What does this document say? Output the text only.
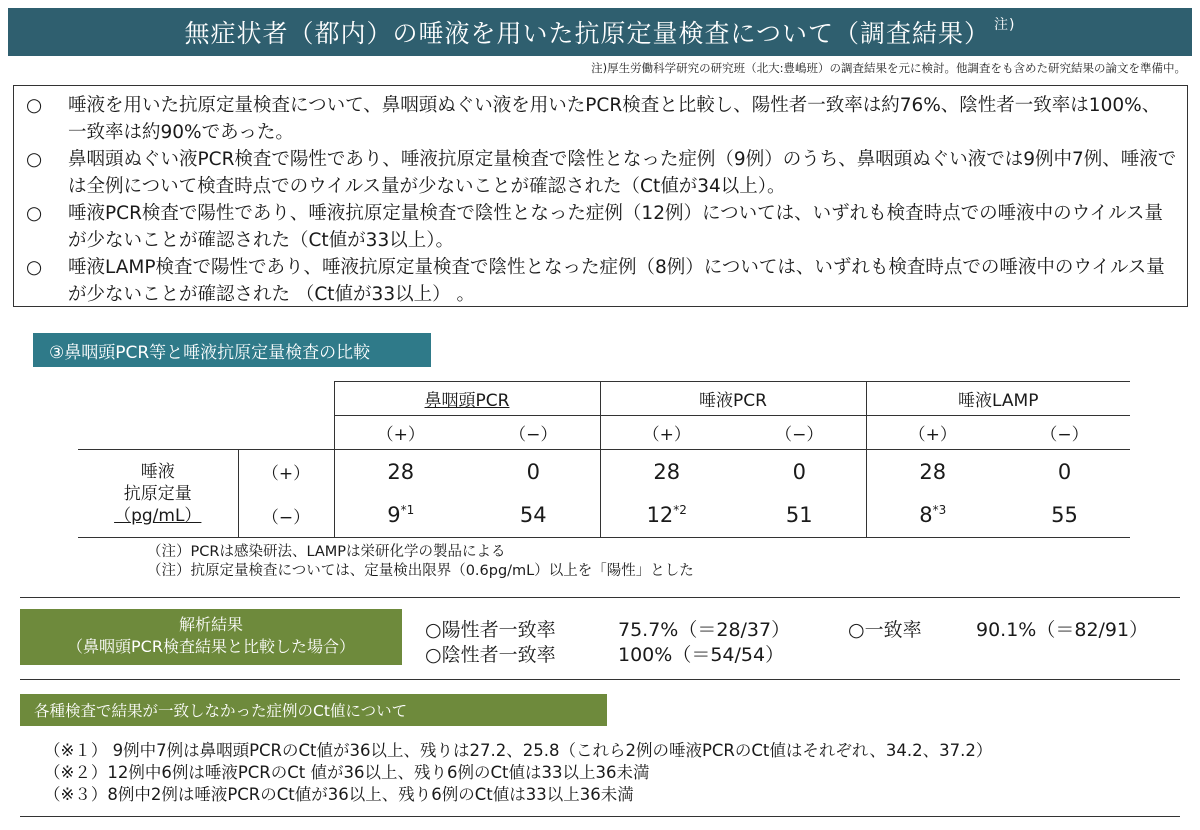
無症状者（都内）の唾液を用いた抗原定量検査について（調査結果） $^{注)}$
注)厚生労働科学研究の研究班（北大:豊嶋班）の調査結果を元に検討。他調査をも含めた研究結果の論文を準備中。
○	唾液を用いた抗原定量検査について、鼻咽頭ぬぐい液を用いたPCR検査と比較し、陽性者一致率は約76%、陰性者一致率は100%、一致率は約90%であった。
○	鼻咽頭ぬぐい液PCR検査で陽性であり、唾液抗原定量検査で陰性となった症例（9例）のうち、鼻咽頭ぬぐい液では9例中7例、唾液では全例について検査時点でのウイルス量が少ないことが確認された（Ct値が34以上）。
○	唾液PCR検査で陽性であり、唾液抗原定量検査で陰性となった症例（12例）については、いずれも検査時点での唾液中のウイルス量が少ないことが確認された（Ct値が33以上）。
○	唾液LAMP検査で陽性であり、唾液抗原定量検査で陰性となった症例（8例）については、いずれも検査時点での唾液中のウイルス量が少ないことが確認された （Ct値が33以上） 。
③鼻咽頭PCR等と唾液抗原定量検査の比較
		鼻咽頭PCR		唾液PCR		唾液LAMP	
		（+）	（−）	（+）	（−）	（+）	（−）

唾液
抗原定量
（pg/mL）	（+）	28	0	28	0	28	0
	（−）	9$^{*1}$	54	12$^{*2}$	51	8$^{*3}$	55
（注）PCRは感染研法、LAMPは栄研化学の製品による
（注）抗原定量検査については、定量検出限界（0.6pg/mL）以上を「陽性」とした
解析結果
（鼻咽頭PCR検査結果と比較した場合）
○陽性者一致率	75.7%（＝28/37）
○陰性者一致率	100%（＝54/54）
○一致率	90.1%（＝82/91）
各種検査で結果が一致しなかった症例のCt値について
（※１） 9例中7例は鼻咽頭PCRのCt値が36以上、残りは27.2、25.8（これら2例の唾液PCRのCt値はそれぞれ、34.2、37.2）
（※２）12例中6例は唾液PCRのCt 値が36以上、残り6例のCt値は33以上36未満
（※３）8例中2例は唾液PCRのCt値が36以上、残り6例のCt値は33以上36未満
